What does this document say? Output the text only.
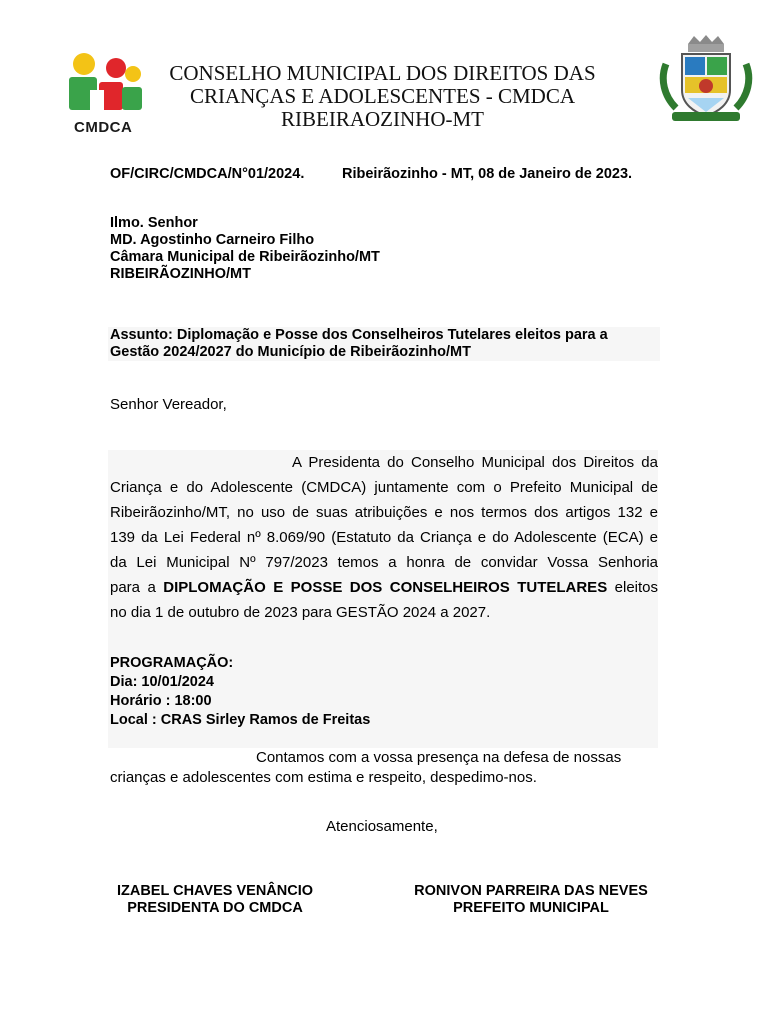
CMDCA
CONSELHO MUNICIPAL DOS DIREITOS DAS
CRIANÇAS E ADOLESCENTES - CMDCA
RIBEIRAOZINHO-MT
OF/CIRC/CMDCA/N°01/2024.	Ribeirãozinho - MT, 08 de Janeiro de 2023.
Ilmo. Senhor
MD. Agostinho Carneiro Filho
Câmara Municipal de Ribeirãozinho/MT
RIBEIRÃOZINHO/MT
Assunto: Diplomação e Posse dos Conselheiros Tutelares eleitos para a
Gestão 2024/2027 do Município de Ribeirãozinho/MT
Senhor Vereador,
A Presidenta do Conselho Municipal dos Direitos da
Criança e do Adolescente (CMDCA) juntamente com o Prefeito Municipal de
Ribeirãozinho/MT, no uso de suas atribuições e nos termos dos artigos 132 e
139 da Lei Federal nº 8.069/90 (Estatuto da Criança e do Adolescente (ECA) e
da Lei Municipal Nº 797/2023 temos a honra de convidar Vossa Senhoria
para a DIPLOMAÇÃO E POSSE DOS CONSELHEIROS TUTELARES eleitos
no dia 1 de outubro de 2023 para GESTÃO 2024 a 2027.
PROGRAMAÇÃO:
Dia: 10/01/2024
Horário : 18:00
Local : CRAS Sirley Ramos de Freitas
Contamos com a vossa presença na defesa de nossas
crianças e adolescentes com estima e respeito, despedimo-nos.
Atenciosamente,
IZABEL CHAVES VENÂNCIO
PRESIDENTA DO CMDCA
RONIVON PARREIRA DAS NEVES
PREFEITO MUNICIPAL
